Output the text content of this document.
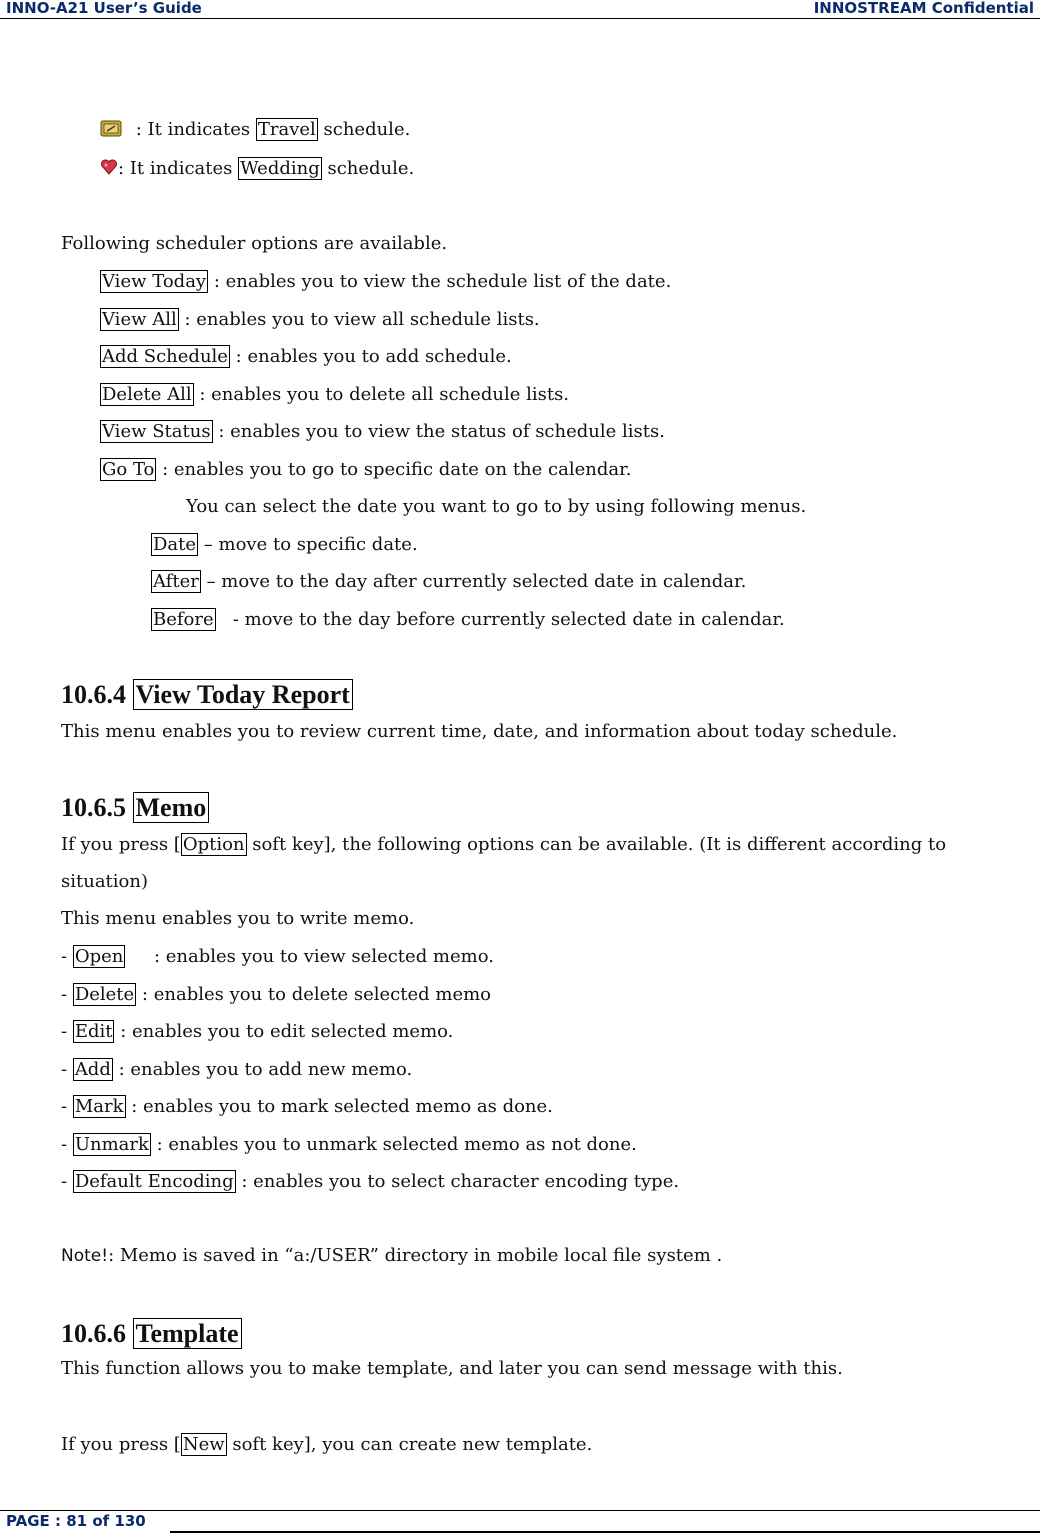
INNO-A21 User’s Guide	INNOSTREAM Confidential
: It indicates Travel schedule.
: It indicates Wedding schedule.
Following scheduler options are available.
View Today : enables you to view the schedule list of the date.
View All : enables you to view all schedule lists.
Add Schedule : enables you to add schedule.
Delete All : enables you to delete all schedule lists.
View Status : enables you to view the status of schedule lists.
Go To : enables you to go to specific date on the calendar.
You can select the date you want to go to by using following menus.
Date – move to specific date.
After – move to the day after currently selected date in calendar.
Before   - move to the day before currently selected date in calendar.
10.6.4 View Today Report
This menu enables you to review current time, date, and information about today schedule.
10.6.5 Memo
If you press [ Option soft key], the following options can be available. (It is different according to
situation)
This menu enables you to write memo.
- Open     : enables you to view selected memo.
- Delete : enables you to delete selected memo
- Edit : enables you to edit selected memo.
- Add : enables you to add new memo.
- Mark : enables you to mark selected memo as done.
- Unmark : enables you to unmark selected memo as not done.
- Default Encoding : enables you to select character encoding type.
Note!: Memo is saved in “a:/USER” directory in mobile local file system .
10.6.6 Template
This function allows you to make template, and later you can send message with this.
If you press [ New soft key], you can create new template.
PAGE : 81 of 130
